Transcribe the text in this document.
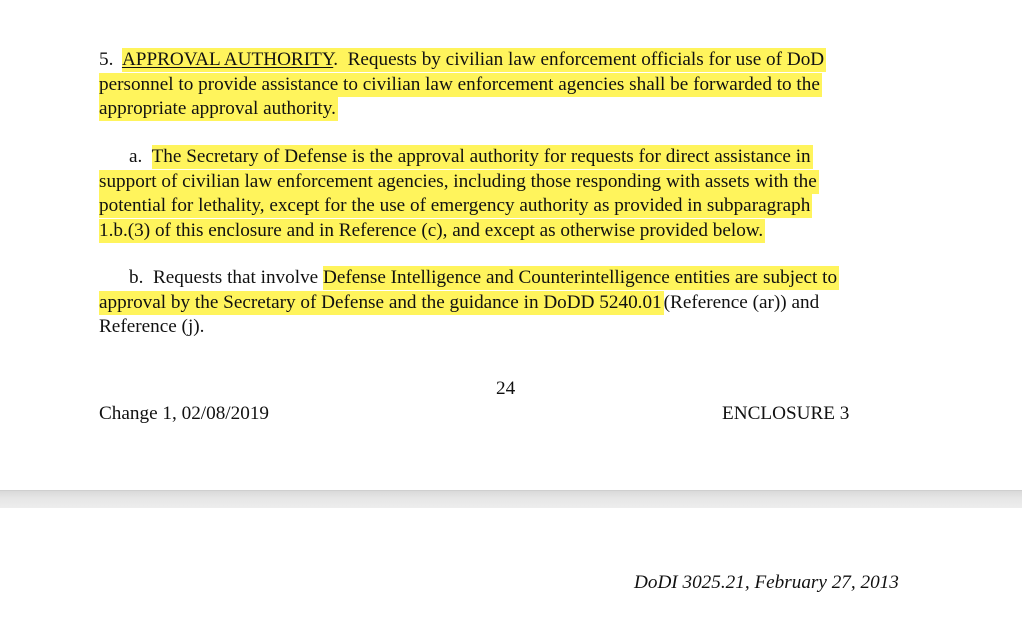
5. APPROVAL AUTHORITY. Requests by civilian law enforcement officials for use of DoD
personnel to provide assistance to civilian law enforcement agencies shall be forwarded to the
appropriate approval authority.

a. The Secretary of Defense is the approval authority for requests for direct assistance in
support of civilian law enforcement agencies, including those responding with assets with the
potential for lethality, except for the use of emergency authority as provided in subparagraph
1.b.(3) of this enclosure and in Reference (c), and except as otherwise provided below.

b. Requests that involve Defense Intelligence and Counterintelligence entities are subject to
approval by the Secretary of Defense and the guidance in DoDD 5240.01 (Reference (ar)) and
Reference (j).

24
Change 1, 02/08/2019	ENCLOSURE 3
DoDI 3025.21, February 27, 2013
